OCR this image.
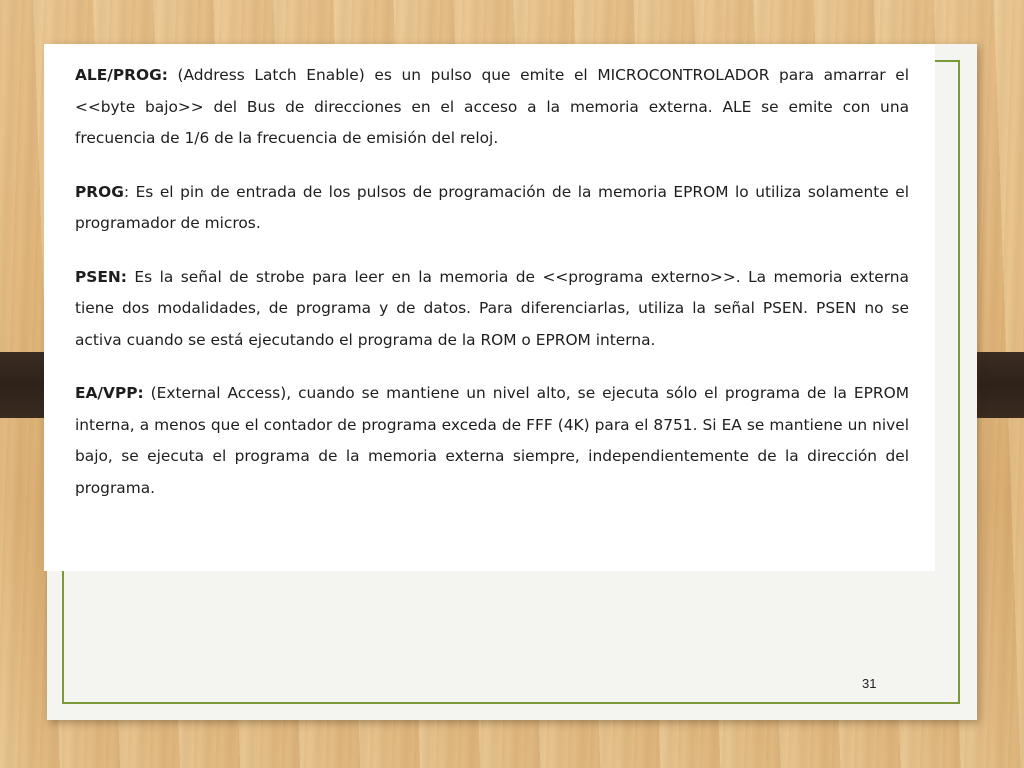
ALE/PROG: (Address Latch Enable) es un pulso que emite el MICROCONTROLADOR para amarrar el <<byte bajo>> del Bus de direcciones en el acceso a la memoria externa. ALE se emite con una frecuencia de 1/6 de la frecuencia de emisión del reloj.

PROG: Es el pin de entrada de los pulsos de programación de la memoria EPROM lo utiliza solamente el programador de micros.

PSEN: Es la señal de strobe para leer en la memoria de <<programa externo>>. La memoria externa tiene dos modalidades, de programa y de datos. Para diferenciarlas, utiliza la señal PSEN. PSEN no se activa cuando se está ejecutando el programa de la ROM o EPROM interna.

EA/VPP: (External Access), cuando se mantiene un nivel alto, se ejecuta sólo el programa de la EPROM interna, a menos que el contador de programa exceda de FFF (4K) para el 8751. Si EA se mantiene un nivel bajo, se ejecuta el programa de la memoria externa siempre, independientemente de la dirección del programa.

31
